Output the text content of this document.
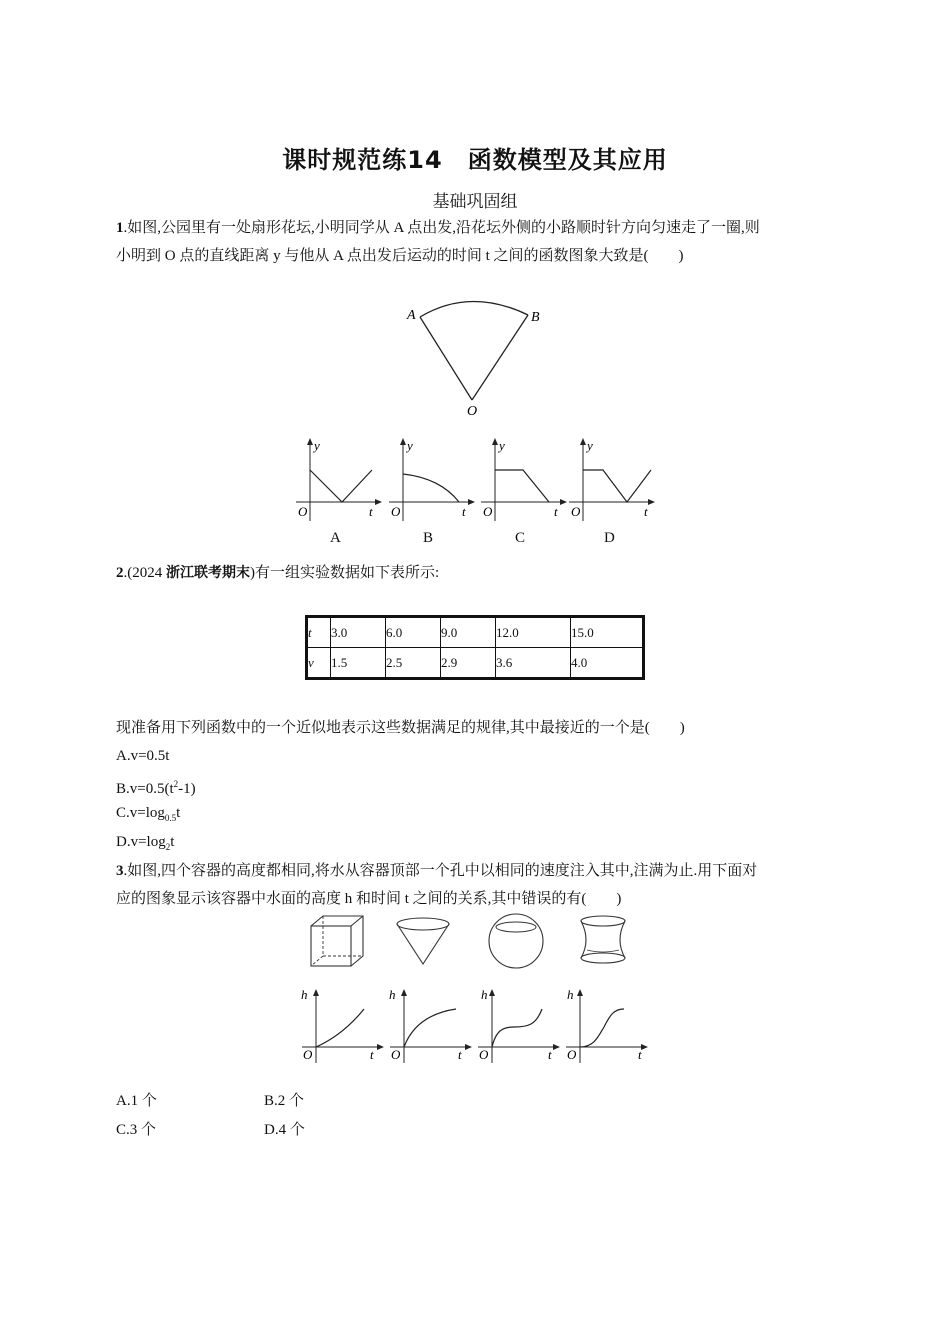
课时规范练14　函数模型及其应用
基础巩固组
1.如图,公园里有一处扇形花坛,小明同学从 A 点出发,沿花坛外侧的小路顺时针方向匀速走了一圈,则
小明到 O 点的直线距离 y 与他从 A 点出发后运动的时间 t 之间的函数图象大致是(　　)
A	B
O
y
O	t
A
y
O	t
B
y
O	t
C
y
O	t
D
2.(2024 浙江联考期末)有一组实验数据如下表所示:
t	3.0	6.0	9.0	12.0	15.0
v	1.5	2.5	2.9	3.6	4.0
现准备用下列函数中的一个近似地表示这些数据满足的规律,其中最接近的一个是(　　)
A.v=0.5t
$B.v=0.5(t^2-1)$
$C.v=\log_{0.5}t$
$D.v=\log_2t$
3.如图,四个容器的高度都相同,将水从容器顶部一个孔中以相同的速度注入其中,注满为止.用下面对
应的图象显示该容器中水面的高度 h 和时间 t 之间的关系,其中错误的有(　　)
h
O	t
h
O	t
h
O	t
h
O	t
A.1 个	B.2 个
C.3 个	D.4 个
